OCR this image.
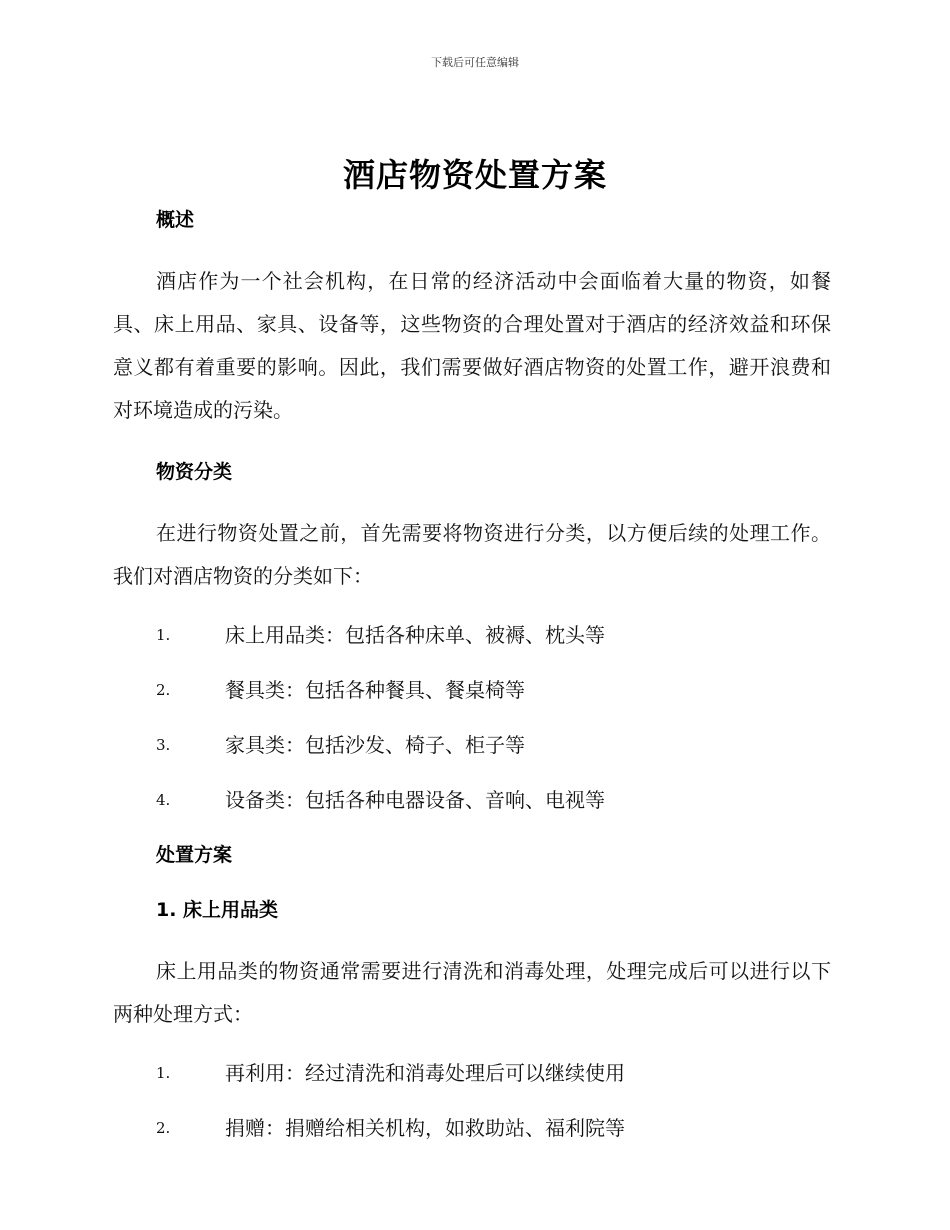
下载后可任意编辑
酒店物资处置方案
概述

酒店作为一个社会机构，在日常的经济活动中会面临着大量的物资，如餐具、床上用品、家具、设备等，这些物资的合理处置对于酒店的经济效益和环保意义都有着重要的影响。因此，我们需要做好酒店物资的处置工作，避开浪费和对环境造成的污染。

物资分类

在进行物资处置之前，首先需要将物资进行分类，以方便后续的处理工作。我们对酒店物资的分类如下：

1.	床上用品类：包括各种床单、被褥、枕头等
2.	餐具类：包括各种餐具、餐桌椅等
3.	家具类：包括沙发、椅子、柜子等
4.	设备类：包括各种电器设备、音响、电视等
处置方案
1. 床上用品类

床上用品类的物资通常需要进行清洗和消毒处理，处理完成后可以进行以下两种处理方式：

1.	再利用：经过清洗和消毒处理后可以继续使用
2.	捐赠：捐赠给相关机构，如救助站、福利院等
